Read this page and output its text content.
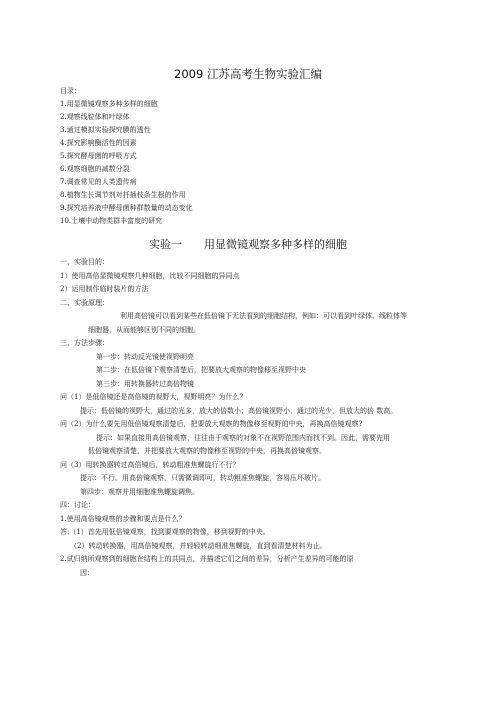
2009 江苏高考生物实验汇编
目录：
1.用显微镜观察多种多样的细胞
2.观察线粒体和叶绿体
3.通过模拟实验探究膜的透性
4.探究影响酶活性的因素
5.探究酵母菌的呼吸方式
6.观察细胞的减数分裂
7.调查常见的人类遗传病
8.植物生长调节剂对扦插枝条生根的作用
9.探究培养液中酵母菌种群数量的动态变化
10.土壤中动物类群丰富度的研究
实验一 用显微镜观察多种多样的细胞

一、实验目的：

1）使用高倍显微镜观察几种细胞，比较不同细胞的异同点

2）运用制作临时装片的方法

二、实验原理：

利用高倍镜可以看到某些在低倍镜下无法看到的细胞结构，例如：可以看到叶绿体、线粒体等

细胞器，从而能够区别不同的细胞。

三、方法步骤：

第一步：转动反光镜使视野明亮

第二步：在低倍镜下观察清楚后，把要放大观察的物像移至视野中央

第三步：用转换器转过高倍物镜

问（1）是低倍镜还是高倍镜的视野大，视野明亮？为什么？

提示：低倍镜的视野大，通过的光多，放大的倍数小；高倍镜视野小，通过的光少，但放大的倍 数高。

问（2）为什么要先用低倍镜观察清楚后，把要放大观察的物像移至视野的中央，再换高倍镜观察?

提示：如果直接用高倍镜观察，往往由于观察的对象不在视野范围内而找不到。因此，需要先用

低倍镜观察清楚，并把要放大观察的物像移至视野的中央，再换高倍镜观察。

问（3）用转换器转过高倍镜后，转动粗准焦螺旋行不行？

提示：不行。用高倍镜观察，只需微调即可，转动粗准焦螺旋，容易压坏玻片。

第四步：观察并用细胞准焦螺旋调焦。

四：讨论：

1.使用高倍镜观察的步骤和要点是什么？

答:（1）首先用低倍镜观察，找到要观察的物像，移到视野的中央。

（2）转动转换器，用高倍镜观察，并轻轻转动细准焦螺旋，直到看清楚材料为止。

2.试归纳所观察到的细胞在结构上的共同点，并描述它们之间的差异，分析产生差异的可能的原

因：
